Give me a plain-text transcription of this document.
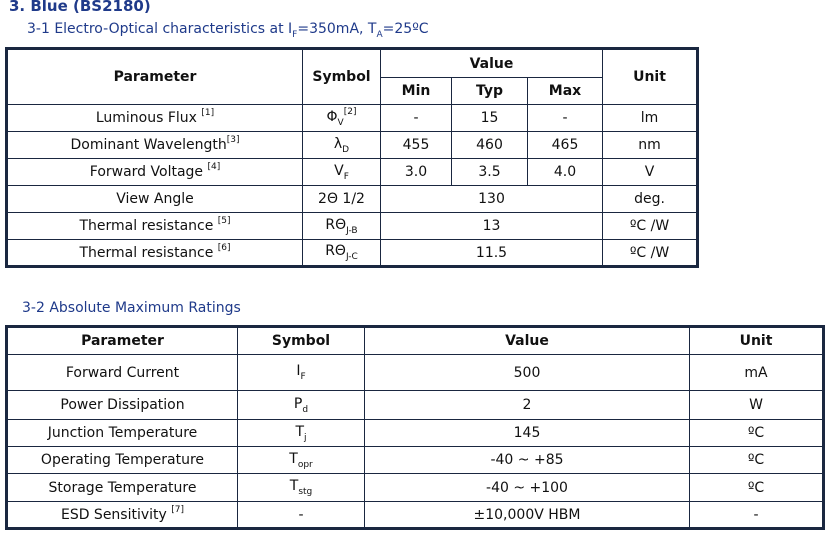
3. Blue (BS2180)
3-1 Electro-Optical characteristics at $I_F=350mA$, $T_A=25ºC$
Parameter	Symbol	Value			Unit
		Min	Typ	Max	
Luminous Flux [1]	$\Phi_V[2]$	-	15	-	lm
Dominant Wavelength[3]	$\lambda_D$	455	460	465	nm
Forward Voltage [4]	$V_F$	3.0	3.5	4.0	V
View Angle	2Θ 1/2	130			deg.
Thermal resistance [5]	$R\Theta_{J-B}$	13			ºC /W
Thermal resistance [6]	$R\Theta_{J-C}$	11.5			ºC /W
3-2 Absolute Maximum Ratings
Parameter	Symbol	Value	Unit
Forward Current	$I_F$	500	mA
Power Dissipation	$P_d$	2	W
Junction Temperature	$T_j$	145	ºC
Operating Temperature	$T_{opr}$	-40 ~ +85	ºC
Storage Temperature	$T_{stg}$	-40 ~ +100	ºC
ESD Sensitivity [7]	-	±10,000V HBM	-
